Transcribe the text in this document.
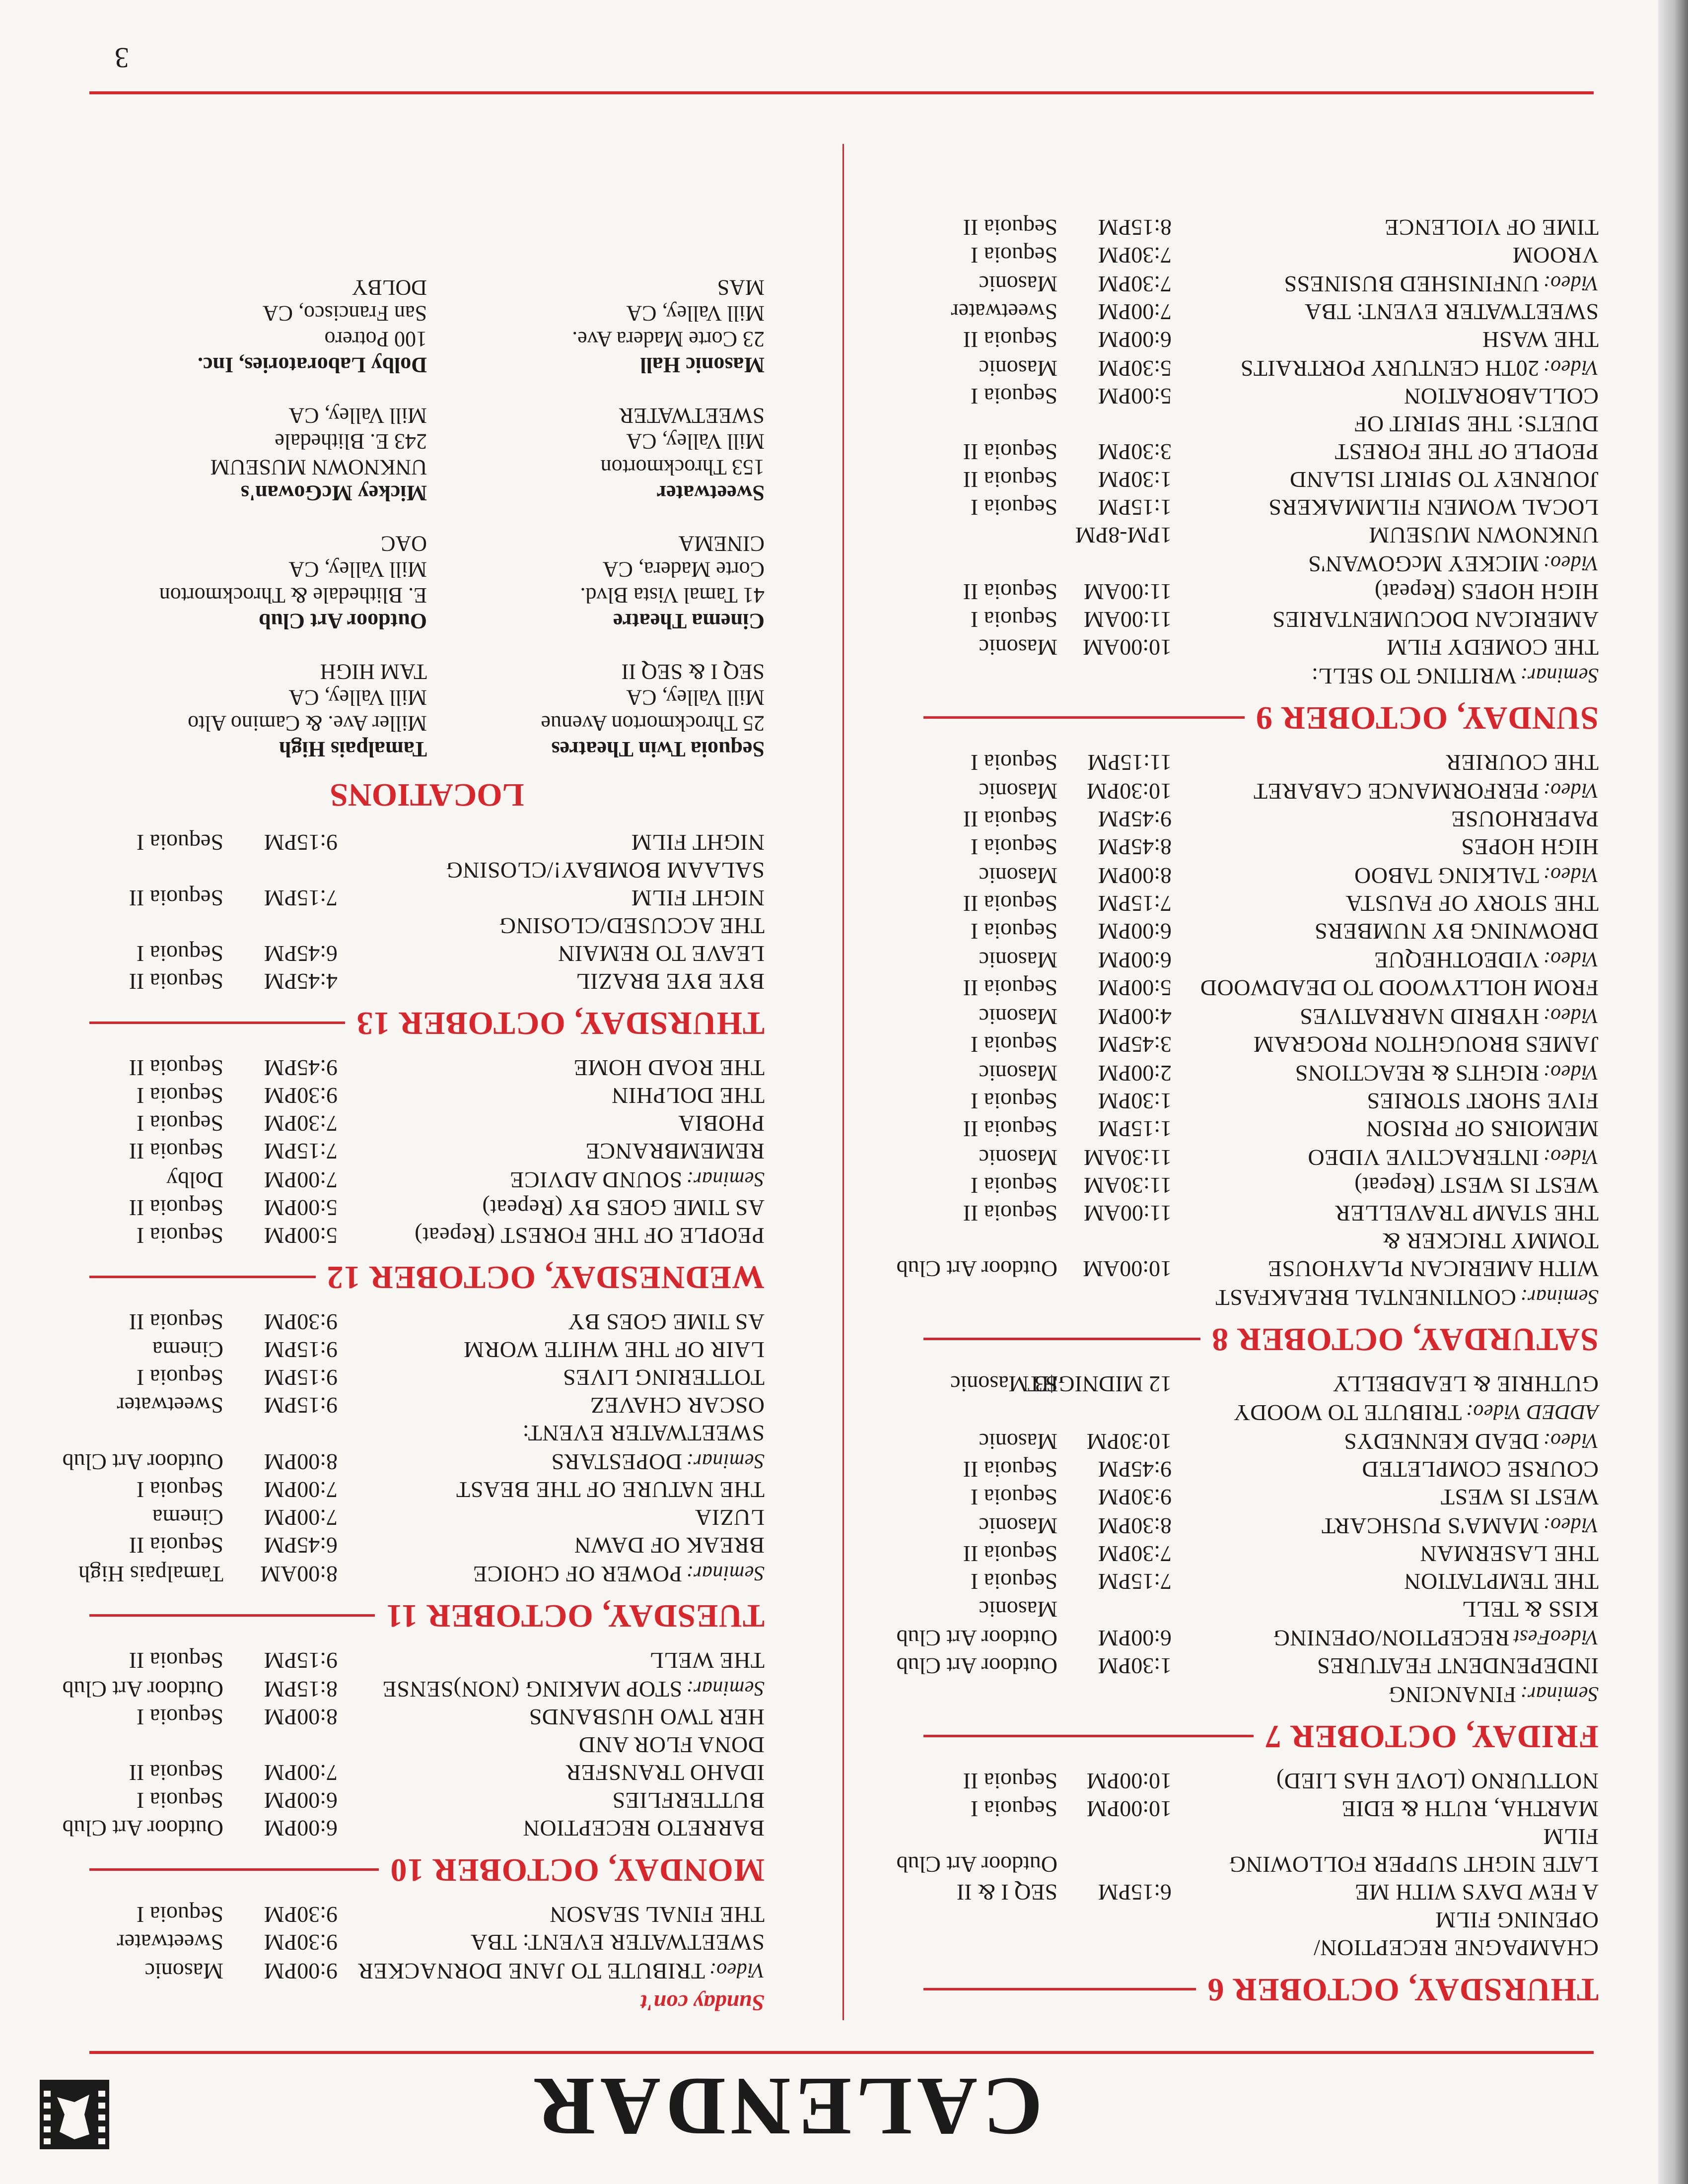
CALENDAR
THURSDAY, OCTOBER 6
CHAMPAGNE RECEPTION/
OPENING FILM
A FEW DAYS WITH ME
6:15PM
SEQ I & II
LATE NIGHT SUPPER FOLLOWING FILM
Outdoor Art Club
MARTHA, RUTH & EDIE
10:00PM
Sequoia I
NOTTURNO (LOVE HAS LIED)
10:00PM
Sequoia II
FRIDAY, OCTOBER 7
Seminar:FINANCING
INDEPENDENT FEATURES
1:30PM
Outdoor Art Club
VideoFestRECEPTION/OPENING
6:00PM
Outdoor Art Club
KISS & TELL
Masonic
THE TEMPTATION
7:15PM
Sequoia I
THE LASERMAN
7:30PM
Sequoia II
Video:MAMA'S PUSHCART
8:30PM
Masonic
WEST IS WEST
9:30PM
Sequoia I
COURSE COMPLETED
9:45PM
Sequoia II
Video:DEAD KENNEDYS
10:30PM
Masonic
ADDED Video:TRIBUTE TO WOODY
GUTHRIE & LEADBELLY
12 MIDNIGHT
$3 Masonic
SATURDAY, OCTOBER 8
Seminar:CONTINENTAL BREAKFAST
WITH AMERICAN PLAYHOUSE
10:00AM
Outdoor Art Club
TOMMY TRICKER &
THE STAMP TRAVELLER
11:00AM
Sequoia II
WEST IS WEST (Repeat)
11:30AM
Sequoia I
Video:INTERACTIVE VIDEO
11:30AM
Masonic
MEMOIRS OF PRISON
1:15PM
Sequoia II
FIVE SHORT STORIES
1:30PM
Sequoia I
Video:RIGHTS & REACTIONS
2:00PM
Masonic
JAMES BROUGHTON PROGRAM
3:45PM
Sequoia I
Video:HYBRID NARRATIVES
4:00PM
Masonic
FROM HOLLYWOOD TO DEADWOOD
5:00PM
Sequoia II
Video:VIDEOTHEQUE
6:00PM
Masonic
DROWNING BY NUMBERS
6:00PM
Sequoia I
THE STORY OF FAUSTA
7:15PM
Sequoia II
Video:TALKING TABOO
8:00PM
Masonic
HIGH HOPES
8:45PM
Sequoia I
PAPERHOUSE
9:45PM
Sequoia II
Video:PERFORMANCE CABARET
10:30PM
Masonic
THE COURIER
11:15PM
Sequoia I
SUNDAY, OCTOBER 9
Seminar:WRITING TO SELL:
THE COMEDY FILM
10:00AM
Masonic
AMERICAN DOCUMENTARIES
11:00AM
Sequoia I
HIGH HOPES (Repeat)
11:00AM
Sequoia II
Video:MICKEY McGOWAN'S
UNKNOWN MUSEUM
1PM-8PM
LOCAL WOMEN FILMMAKERS
1:15PM
Sequoia I
JOURNEY TO SPIRIT ISLAND
1:30PM
Sequoia II
PEOPLE OF THE FOREST
3:30PM
Sequoia II
DUETS: THE SPIRIT OF
COLLABORATION
5:00PM
Sequoia I
Video:20TH CENTURY PORTRAITS
5:30PM
Masonic
THE WASH
6:00PM
Sequoia II
SWEETWATER EVENT: TBA
7:00PM
Sweetwater
Video:UNFINISHED BUSINESS
7:30PM
Masonic
VROOM
7:30PM
Sequoia I
TIME OF VIOLENCE
8:15PM
Sequoia II
Sunday con't
Video:TRIBUTE TO JANE DORNACKER
9:00PM
Masonic
SWEETWATER EVENT: TBA
9:30PM
Sweetwater
THE FINAL SEASON
9:30PM
Sequoia I
MONDAY, OCTOBER 10
BARRETO RECEPTION
6:00PM
Outdoor Art Club
BUTTERFLIES
6:00PM
Sequoia I
IDAHO TRANSFER
7:00PM
Sequoia II
DONA FLOR AND
HER TWO HUSBANDS
8:00PM
Sequoia I
Seminar:STOP MAKING (NON)SENSE
8:15PM
Outdoor Art Club
THE WELL
9:15PM
Sequoia II
TUESDAY, OCTOBER 11
Seminar:POWER OF CHOICE
8:00AM
Tamalpais High
BREAK OF DAWN
6:45PM
Sequoia II
LUZIA
7:00PM
Cinema
THE NATURE OF THE BEAST
7:00PM
Sequoia I
Seminar:DOPESTARS
8:00PM
Outdoor Art Club
SWEETWATER EVENT:
OSCAR CHAVEZ
9:15PM
Sweetwater
TOTTERING LIVES
9:15PM
Sequoia I
LAIR OF THE WHITE WORM
9:15PM
Cinema
AS TIME GOES BY
9:30PM
Sequoia II
WEDNESDAY, OCTOBER 12
PEOPLE OF THE FOREST (Repeat)
5:00PM
Sequoia I
AS TIME GOES BY (Repeat)
5:00PM
Sequoia II
Seminar:SOUND ADVICE
7:00PM
Dolby
REMEMBRANCE
7:15PM
Sequoia II
PHOBIA
7:30PM
Sequoia I
THE DOLPHIN
9:30PM
Sequoia I
THE ROAD HOME
9:45PM
Sequoia II
THURSDAY, OCTOBER 13
BYE BYE BRAZIL
4:45PM
Sequoia II
LEAVE TO REMAIN
6:45PM
Sequoia I
THE ACCUSED/CLOSING
NIGHT FILM
7:15PM
Sequoia II
SALAAM BOMBAY!/CLOSING
NIGHT FILM
9:15PM
Sequoia I
LOCATIONS
Sequoia Twin Theatres
25 Throckmorton Avenue
Mill Valley, CA
SEQ I & SEQ II
Tamalpais High
Miller Ave. & Camino Alto
Mill Valley, CA
TAM HIGH
Cinema Theatre
41 Tamal Vista Blvd.
Corte Madera, CA
CINEMA
Outdoor Art Club
E. Blithedale & Throckmorton
Mill Valley, CA
OAC
Sweetwater
153 Throckmorton
Mill Valley, CA
SWEETWATER
Mickey McGowan's
UNKNOWN MUSEUM
243 E. Blithedale
Mill Valley, CA
Masonic Hall
23 Corte Madera Ave.
Mill Valley, CA
MAS
Dolby Laboratories, Inc.
100 Potrero
San Francisco, CA
DOLBY
3
